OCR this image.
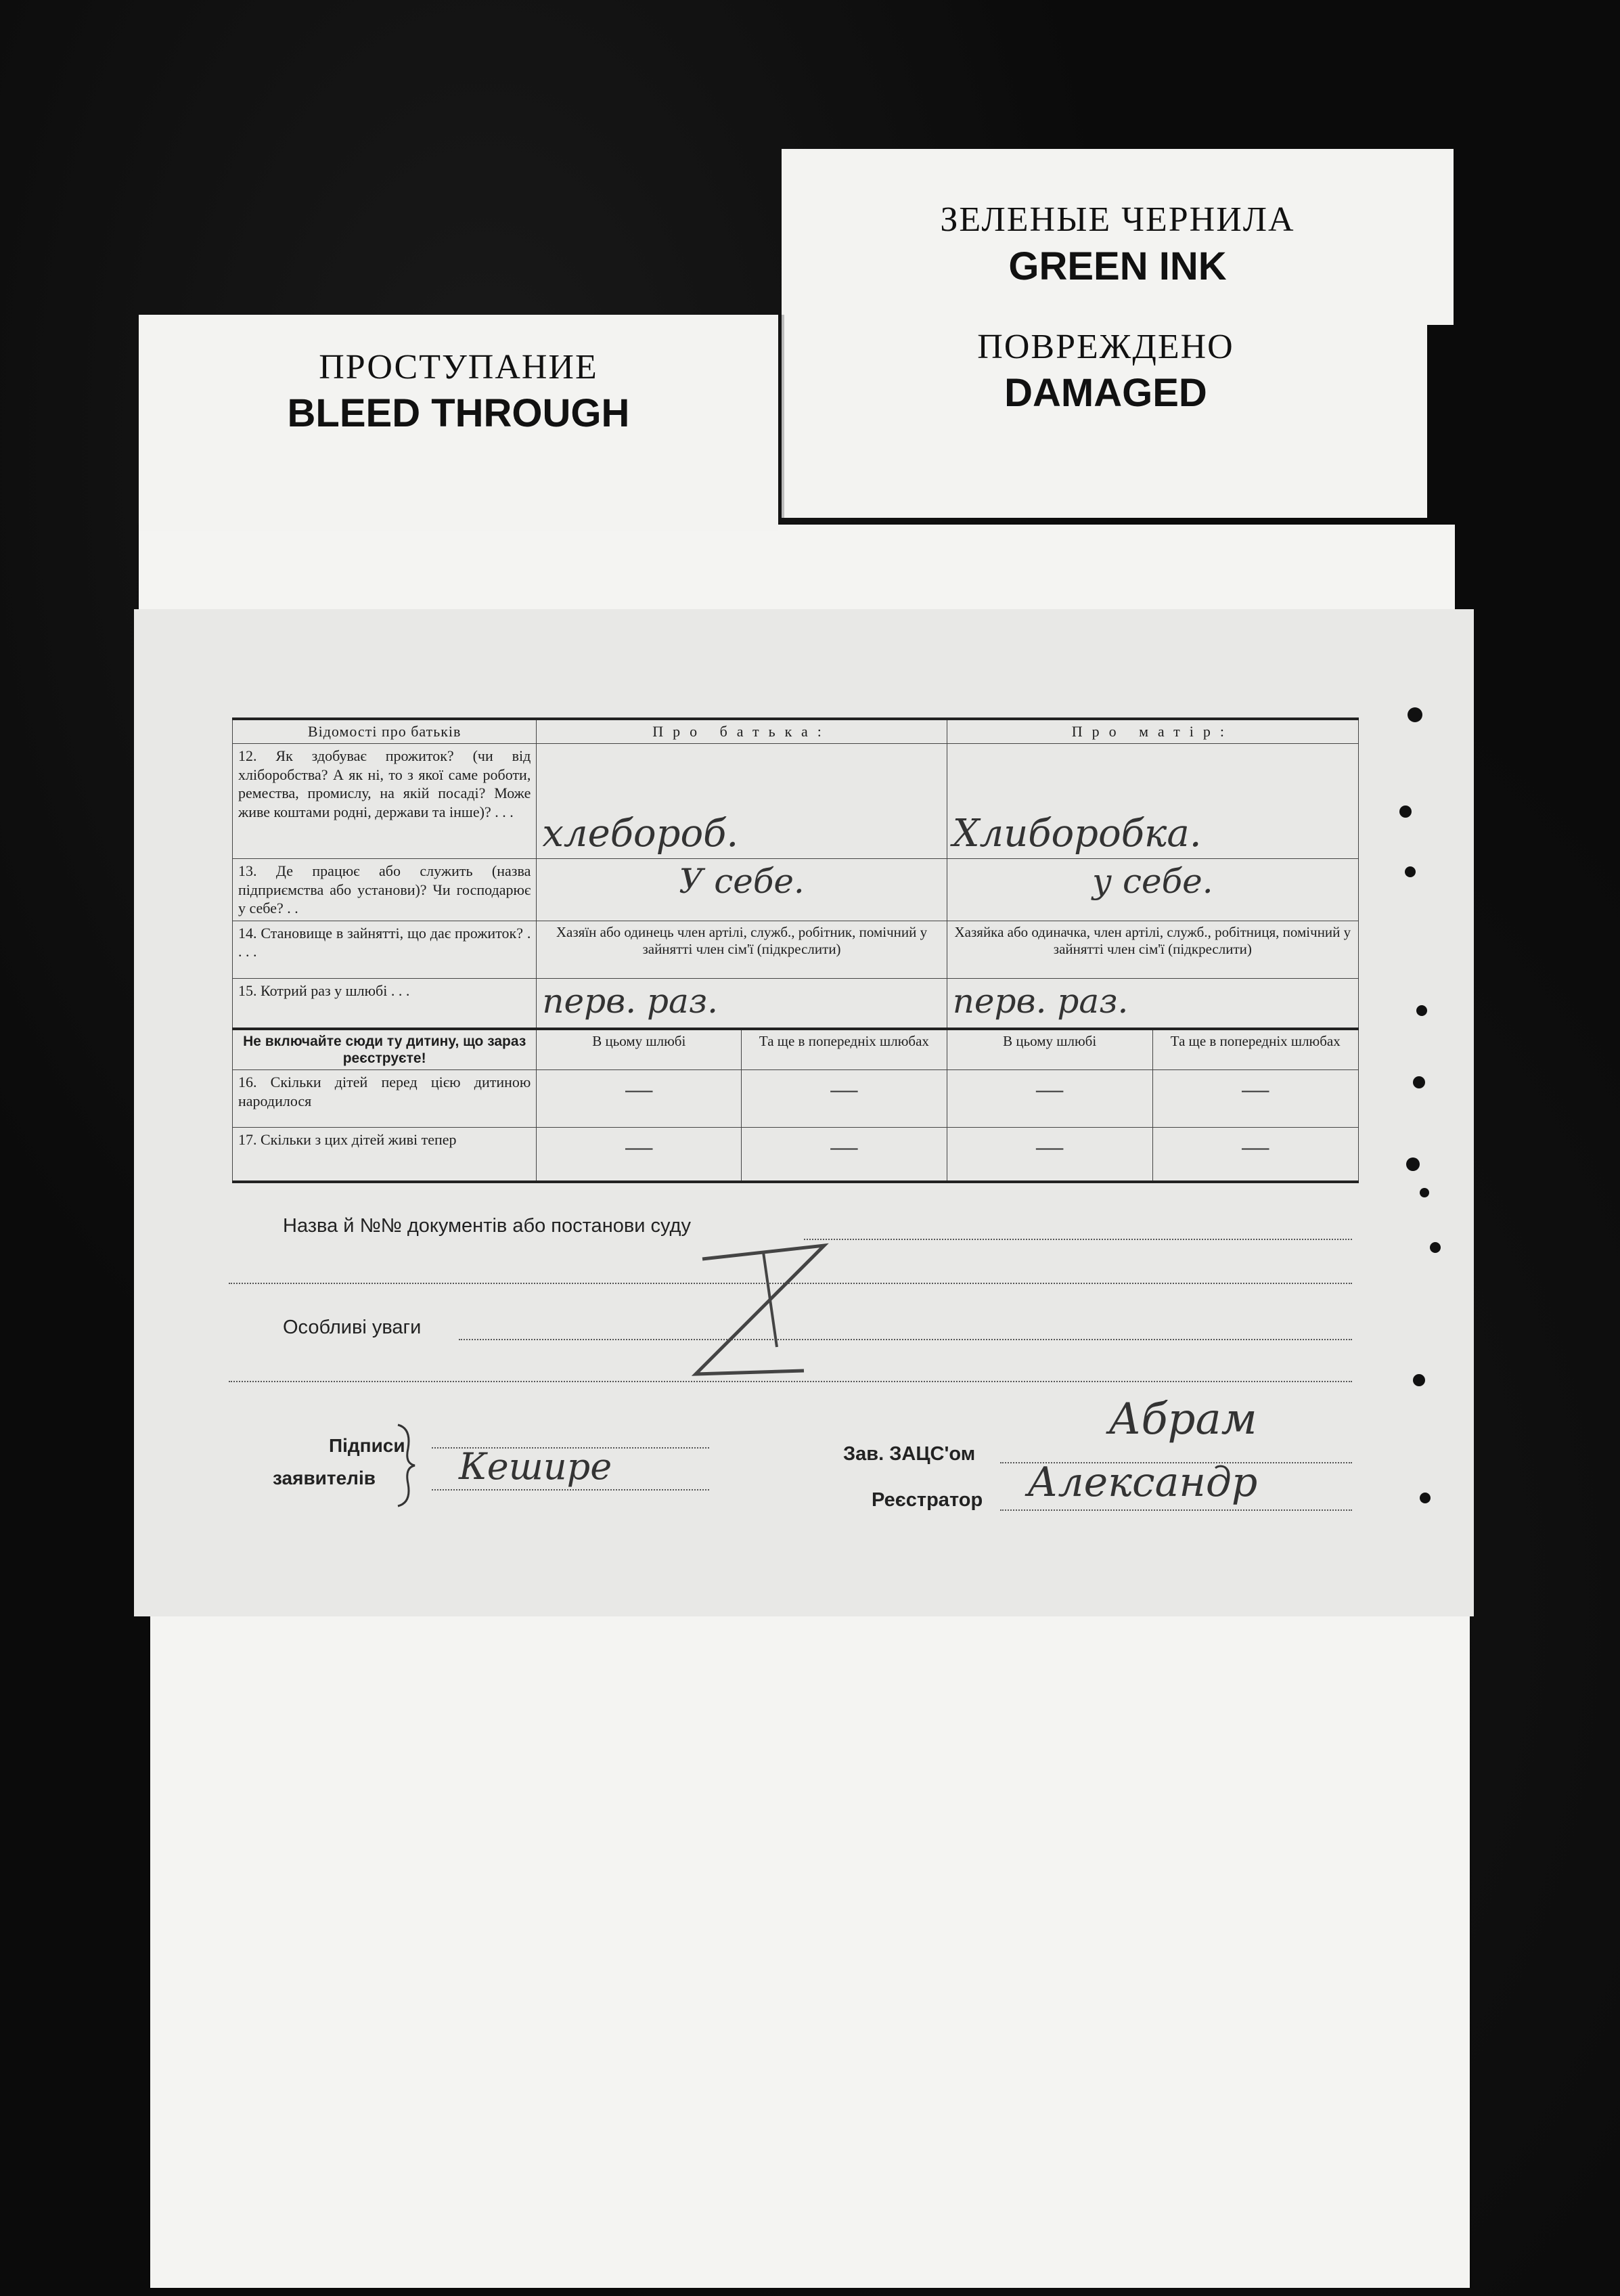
ЗЕЛЕНЫЕ ЧЕРНИЛА
GREEN INK
ПОВРЕЖДЕНО
DAMAGED
ПРОСТУПАНИЕ
BLEED THROUGH
Відомості про батьків	Про батька:		Про матір:	
12. Як здобуває прожиток? (чи від хліборобства? А як ні, то з якої саме роботи, ремества, промислу, на якій посаді? Може живе коштами родні, держави та інше)? . . .	хлебороб.		Хлиборобка.	
13. Де працює або служить (назва підприємства або установи)? Чи господарює у себе? . .	У себе.		у себе.	
14. Становище в зайнятті, що дає прожиток? . . . .	Хазяїн або одинець член артілі, служб., робітник, помічний у зайнятті член сім'ї (підкреслити)		Хазяйка або одиначка, член артілі, служб., робітниця, помічний у зайнятті член сім'ї (підкреслити)	
15. Котрий раз у шлюбі . . .	перв. раз.		перв. раз.	
Не включайте сюди ту дитину, що зараз реєструєте!	В цьому шлюбі	Та ще в попередніх шлюбах	В цьому шлюбі	Та ще в попередніх шлюбах
16. Скільки дітей перед цією дитиною народилося	—	—	—	—
17. Скільки з цих дітей живі тепер	—	—	—	—
Назва й №№ документів або постанови суду
Особливі уваги
Підписи
заявителів Кешире	Зав. ЗАЦС'ом
Реєстратор
Абрам
Александр
